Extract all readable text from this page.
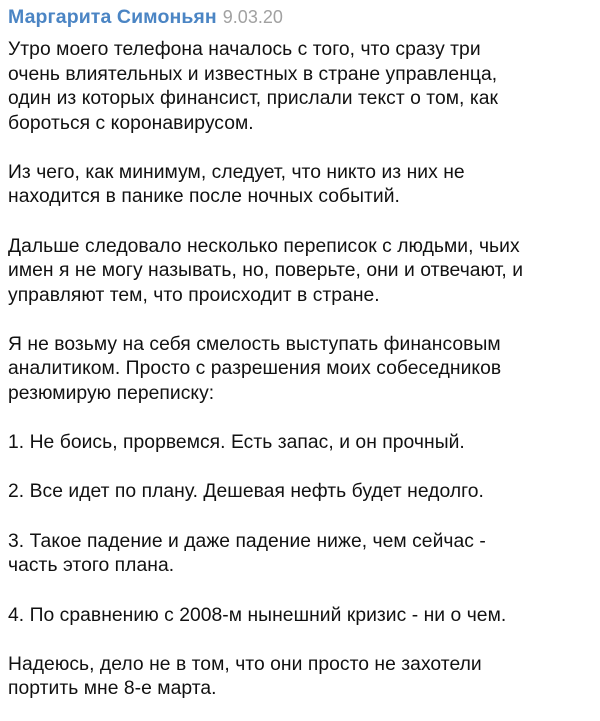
Маргарита Симоньян 9.03.20

Утро моего телефона началось с того, что сразу три
очень влиятельных и известных в стране управленца,
один из которых финансист, прислали текст о том, как
бороться с коронавирусом.

Из чего, как минимум, следует, что никто из них не
находится в панике после ночных событий.

Дальше следовало несколько переписок с людьми, чьих
имен я не могу называть, но, поверьте, они и отвечают, и
управляют тем, что происходит в стране.

Я не возьму на себя смелость выступать финансовым
аналитиком. Просто с разрешения моих собеседников
резюмирую переписку:

1. Не боись, прорвемся. Есть запас, и он прочный.

2. Все идет по плану. Дешевая нефть будет недолго.

3. Такое падение и даже падение ниже, чем сейчас -
часть этого плана.

4. По сравнению с 2008-м нынешний кризис - ни о чем.

Надеюсь, дело не в том, что они просто не захотели
портить мне 8-е марта.
